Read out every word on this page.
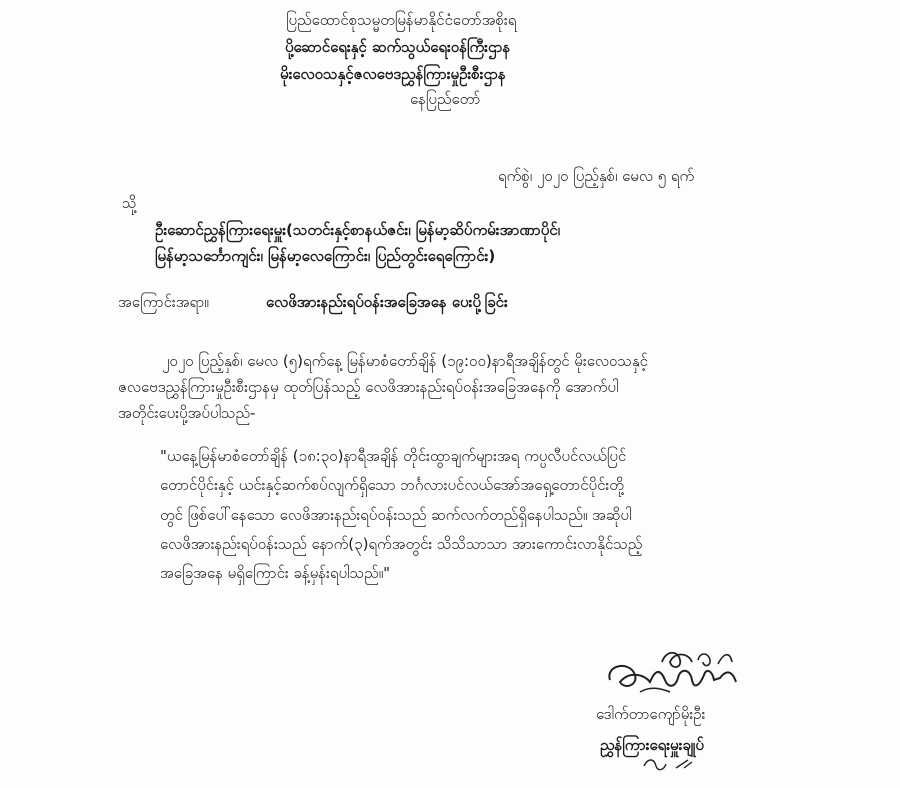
ပြည်ထောင်စုသမ္မတမြန်မာနိုင်ငံတော်အစိုးရ
ပို့ဆောင်ရေးနှင့် ဆက်သွယ်ရေးဝန်ကြီးဌာန
မိုးလေဝသနှင့်ဇလဗေဒညွှန်ကြားမှုဦးစီးဌာန
နေပြည်တော်
ရက်စွဲ၊ ၂၀၂၀ ပြည့်နှစ်၊ မေလ ၅ ရက်
သို့
ဦးဆောင်ညွှန်ကြားရေးမှူး(သတင်းနှင့်စာနယ်ဇင်း၊ မြန်မာ့ဆိပ်ကမ်းအာဏာပိုင်၊
မြန်မာ့သင်္ဘောကျင်း၊ မြန်မာ့လေကြောင်း၊ ပြည်တွင်းရေကြောင်း)
အကြောင်းအရာ။	လေဖိအားနည်းရပ်ဝန်းအခြေအနေ ပေးပို့ခြင်း
၂၀၂၀ ပြည့်နှစ်၊ မေလ (၅)ရက်နေ့ မြန်မာစံတော်ချိန် (၁၉:၀၀)နာရီအချိန်တွင် မိုးလေဝသနှင့်
ဇလဗေဒညွှန်ကြားမှုဦးစီးဌာနမှ ထုတ်ပြန်သည့် လေဖိအားနည်းရပ်ဝန်းအခြေအနေကို အောက်ပါ
အတိုင်းပေးပို့အပ်ပါသည်-
"ယနေ့မြန်မာစံတော်ချိန် (၁၈:၃၀)နာရီအချိန် တိုင်းထွာချက်များအရ ကပ္ပလီပင်လယ်ပြင်
တောင်ပိုင်းနှင့် ယင်းနှင့်ဆက်စပ်လျက်ရှိသော ဘင်္ဂလားပင်လယ်အော်အရှေ့တောင်ပိုင်းတို့
တွင် ဖြစ်ပေါ်နေသော လေဖိအားနည်းရပ်ဝန်းသည် ဆက်လက်တည်ရှိနေပါသည်။ အဆိုပါ
လေဖိအားနည်းရပ်ဝန်းသည် နောက်(၃)ရက်အတွင်း သိသိသာသာ အားကောင်းလာနိုင်သည့်
အခြေအနေ မရှိကြောင်း ခန့်မှန်းရပါသည်။"
ဒေါက်တာကျော်မိုးဦး
ညွှန်ကြားရေးမှူးချုပ်
